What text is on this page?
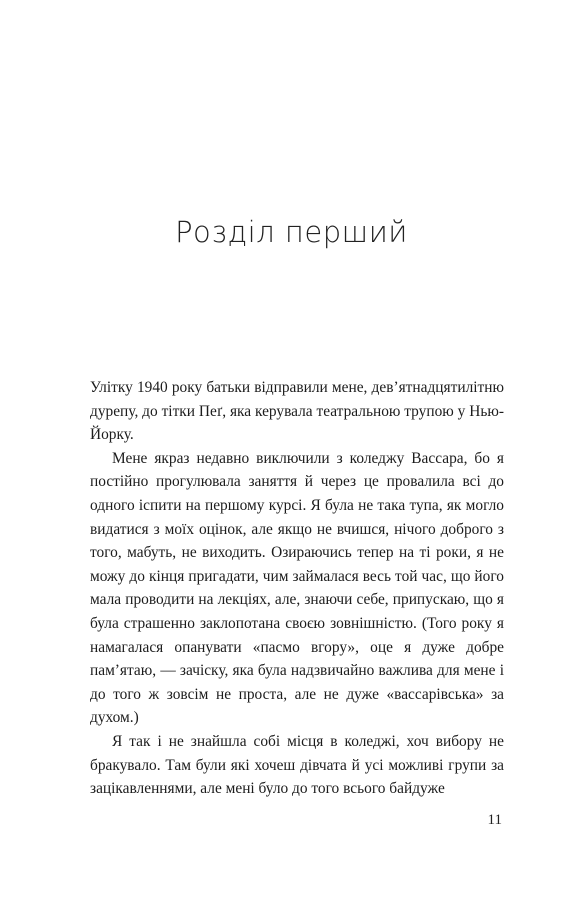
Розділ перший

Улітку 1940 року батьки відправили мене, дев’ятнадцятилітню дурепу, до тітки Пеґ, яка керувала театральною трупою у Нью-Йорку.

Мене якраз недавно виключили з коледжу Вассара, бо я постійно прогулювала заняття й через це провалила всі до одного іспити на першому курсі. Я була не така тупа, як могло видатися з моїх оцінок, але якщо не вчишся, нічого доброго з того, мабуть, не виходить. Озираючись тепер на ті роки, я не можу до кінця пригадати, чим займалася весь той час, що його мала проводити на лекціях, але, знаючи себе, припускаю, що я була страшенно заклопотана своєю зовнішністю. (Того року я намагалася опанувати «пасмо вгору», оце я дуже добре пам’ятаю, — зачіску, яка була надзвичайно важлива для мене і до того ж зовсім не проста, але не дуже «вассарівська» за духом.)

Я так і не знайшла собі місця в коледжі, хоч вибору не бракувало. Там були які хочеш дівчата й усі можливі групи за зацікавленнями, але мені було до того всього байдуже

11
